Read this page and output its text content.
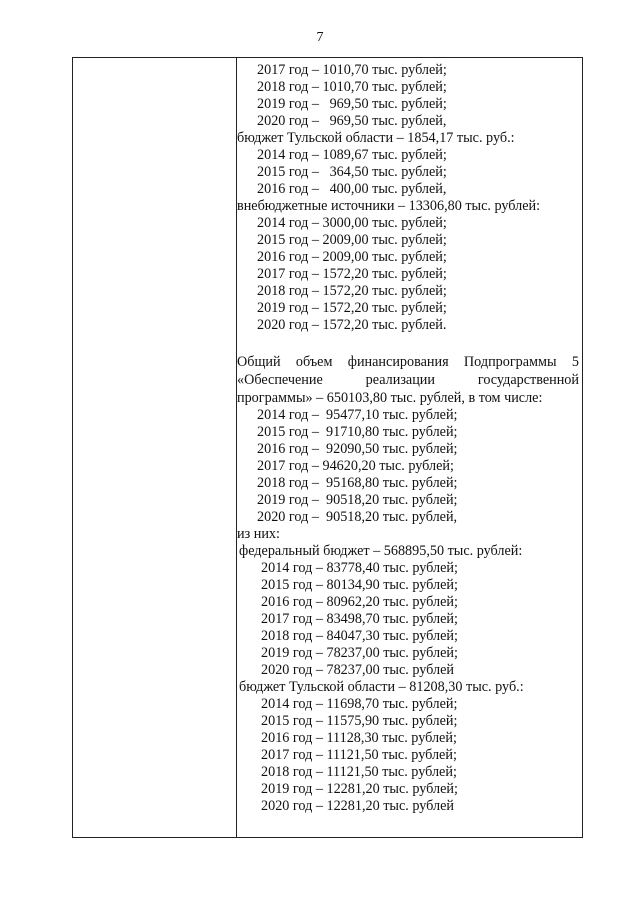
7
2017 год – 1010,70 тыс. рублей;
2018 год – 1010,70 тыс. рублей;
2019 год –   969,50 тыс. рублей;
2020 год –   969,50 тыс. рублей,
бюджет Тульской области – 1854,17 тыс. руб.:
2014 год – 1089,67 тыс. рублей;
2015 год –   364,50 тыс. рублей;
2016 год –   400,00 тыс. рублей,
внебюджетные источники – 13306,80 тыс. рублей:
2014 год – 3000,00 тыс. рублей;
2015 год – 2009,00 тыс. рублей;
2016 год – 2009,00 тыс. рублей;
2017 год – 1572,20 тыс. рублей;
2018 год – 1572,20 тыс. рублей;
2019 год – 1572,20 тыс. рублей;
2020 год – 1572,20 тыс. рублей.
Общий объем финансирования Подпрограммы 5
«Обеспечение	реализации	государственной
программы» – 650103,80 тыс. рублей, в том числе:
2014 год –  95477,10 тыс. рублей;
2015 год –  91710,80 тыс. рублей;
2016 год –  92090,50 тыс. рублей;
2017 год – 94620,20 тыс. рублей;
2018 год –  95168,80 тыс. рублей;
2019 год –  90518,20 тыс. рублей;
2020 год –  90518,20 тыс. рублей,
из них:
федеральный бюджет – 568895,50 тыс. рублей:
2014 год – 83778,40 тыс. рублей;
2015 год – 80134,90 тыс. рублей;
2016 год – 80962,20 тыс. рублей;
2017 год – 83498,70 тыс. рублей;
2018 год – 84047,30 тыс. рублей;
2019 год – 78237,00 тыс. рублей;
2020 год – 78237,00 тыс. рублей
бюджет Тульской области – 81208,30 тыс. руб.:
2014 год – 11698,70 тыс. рублей;
2015 год – 11575,90 тыс. рублей;
2016 год – 11128,30 тыс. рублей;
2017 год – 11121,50 тыс. рублей;
2018 год – 11121,50 тыс. рублей;
2019 год – 12281,20 тыс. рублей;
2020 год – 12281,20 тыс. рублей
